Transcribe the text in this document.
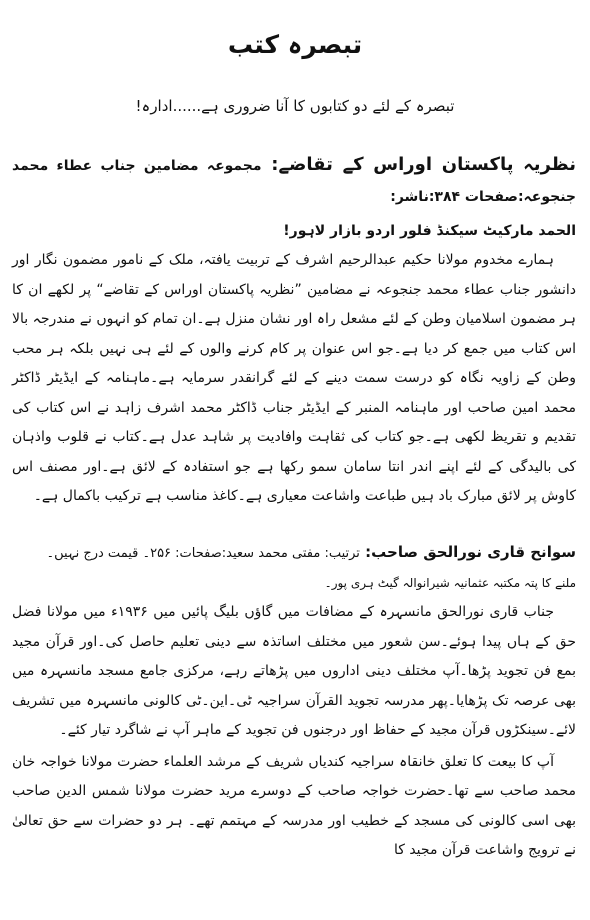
تبصرہ کتب
تبصرہ کے لئے دو کتابوں کا آنا ضروری ہے......ادارہ!
نظریہ پاکستان اوراس کے تقاضے: مجموعہ مضامین جناب عطاء محمد جنجوعہ:صفحات ۳۸۴:ناشر:
الحمد مارکیٹ سیکنڈ فلور اردو بازار لاہور!
ہمارے مخدوم مولانا حکیم عبدالرحیم اشرف کے تربیت یافتہ، ملک کے نامور مضمون نگار اور دانشور جناب عطاء محمد جنجوعہ نے مضامین ”نظریہ پاکستان اوراس کے تقاضے“ پر لکھے ان کا ہر مضمون اسلامیان وطن کے لئے مشعل راہ اور نشان منزل ہے۔ان تمام کو انہوں نے مندرجہ بالا اس کتاب میں جمع کر دیا ہے۔جو اس عنوان پر کام کرنے والوں کے لئے ہی نہیں بلکہ ہر محب وطن کے زاویہ نگاہ کو درست سمت دینے کے لئے گرانقدر سرمایہ ہے۔ماہنامہ کے ایڈیٹر ڈاکٹر محمد امین صاحب اور ماہنامہ المنبر کے ایڈیٹر جناب ڈاکٹر محمد اشرف زاہد نے اس کتاب کی تقدیم و تقریظ لکھی ہے۔جو کتاب کی ثقاہت وافادیت پر شاہد عدل ہے۔کتاب نے قلوب واذہان کی بالیدگی کے لئے اپنے اندر انتا سامان سمو رکھا ہے جو استفادہ کے لائق ہے۔اور مصنف اس کاوش پر لائق مبارک باد ہیں طباعت واشاعت معیاری ہے۔کاغذ مناسب ہے ترکیب باکمال ہے۔
سوانح قاری نورالحق صاحب: ترتیب: مفتی محمد سعید:صفحات: ۲۵۶۔ قیمت درج نہیں۔
ملنے کا پتہ مکتبہ عثمانیہ شیرانوالہ گیٹ ہری پور۔
جناب قاری نورالحق مانسہرہ کے مضافات میں گاؤں بلیگ پائیں میں ۱۹۳۶ء میں مولانا فضل حق کے ہاں پیدا ہوئے۔سن شعور میں مختلف اساتذہ سے دینی تعلیم حاصل کی۔اور قرآن مجید بمع فن تجوید پڑھا۔آپ مختلف دینی اداروں میں پڑھاتے رہے، مرکزی جامع مسجد مانسہرہ میں بھی عرصہ تک پڑھایا۔پھر مدرسہ تجوید القرآن سراجیہ ٹی۔این۔ٹی کالونی مانسہرہ میں تشریف لائے۔سینکڑوں قرآن مجید کے حفاظ اور درجنوں فن تجوید کے ماہر آپ نے شاگرد تیار کئے۔
آپ کا بیعت کا تعلق خانقاہ سراجیہ کندیاں شریف کے مرشد العلماء حضرت مولانا خواجہ خان محمد صاحب سے تھا۔حضرت خواجہ صاحب کے دوسرے مرید حضرت مولانا شمس الدین صاحب بھی اسی کالونی کی مسجد کے خطیب اور مدرسہ کے مہتمم تھے۔ ہر دو حضرات سے حق تعالیٰ نے ترویج واشاعت قرآن مجید کا
